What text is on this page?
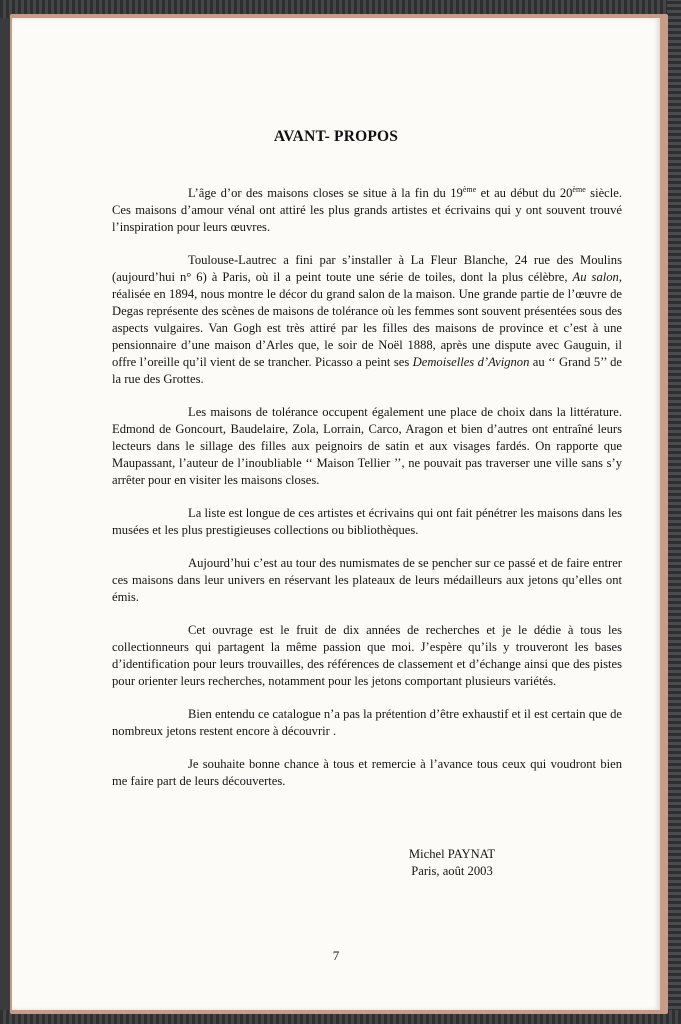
AVANT- PROPOS

L’âge d’or des maisons closes se situe à la fin du 19ème et au début du 20ème siècle. Ces maisons d’amour vénal ont attiré les plus grands artistes et écrivains qui y ont souvent trouvé l’inspiration pour leurs œuvres.

Toulouse-Lautrec a fini par s’installer à La Fleur Blanche, 24 rue des Moulins (aujourd’hui n° 6) à Paris, où il a peint toute une série de toiles, dont la plus célèbre, Au salon, réalisée en 1894, nous montre le décor du grand salon de la maison. Une grande partie de l’œuvre de Degas représente des scènes de maisons de tolérance où les femmes sont souvent présentées sous des aspects vulgaires. Van Gogh est très attiré par les filles des maisons de province et c’est à une pensionnaire d’une maison d’Arles que, le soir de Noël 1888, après une dispute avec Gauguin, il offre l’oreille qu’il vient de se trancher. Picasso a peint ses Demoiselles d’Avignon au ‘‘ Grand 5’’ de la rue des Grottes.

Les maisons de tolérance occupent également une place de choix dans la littérature. Edmond de Goncourt, Baudelaire, Zola, Lorrain, Carco, Aragon et bien d’autres ont entraîné leurs lecteurs dans le sillage des filles aux peignoirs de satin et aux visages fardés. On rapporte que Maupassant, l’auteur de l’inoubliable ‘‘ Maison Tellier ’’, ne pouvait pas traverser une ville sans s’y arrêter pour en visiter les maisons closes.

La liste est longue de ces artistes et écrivains qui ont fait pénétrer les maisons dans les musées et les plus prestigieuses collections ou bibliothèques.

Aujourd’hui c’est au tour des numismates de se pencher sur ce passé et de faire entrer ces maisons dans leur univers en réservant les plateaux de leurs médailleurs aux jetons qu’elles ont émis.

Cet ouvrage est le fruit de dix années de recherches et je le dédie à tous les collectionneurs qui partagent la même passion que moi. J’espère qu’ils y trouveront les bases d’identification pour leurs trouvailles, des références de classement et d’échange ainsi que des pistes pour orienter leurs recherches, notamment pour les jetons comportant plusieurs variétés.

Bien entendu ce catalogue n’a pas la prétention d’être exhaustif et il est certain que de nombreux jetons restent encore à découvrir .

Je souhaite bonne chance à tous et remercie à l’avance tous ceux qui voudront bien me faire part de leurs découvertes.

Michel PAYNAT
Paris, août 2003
7
